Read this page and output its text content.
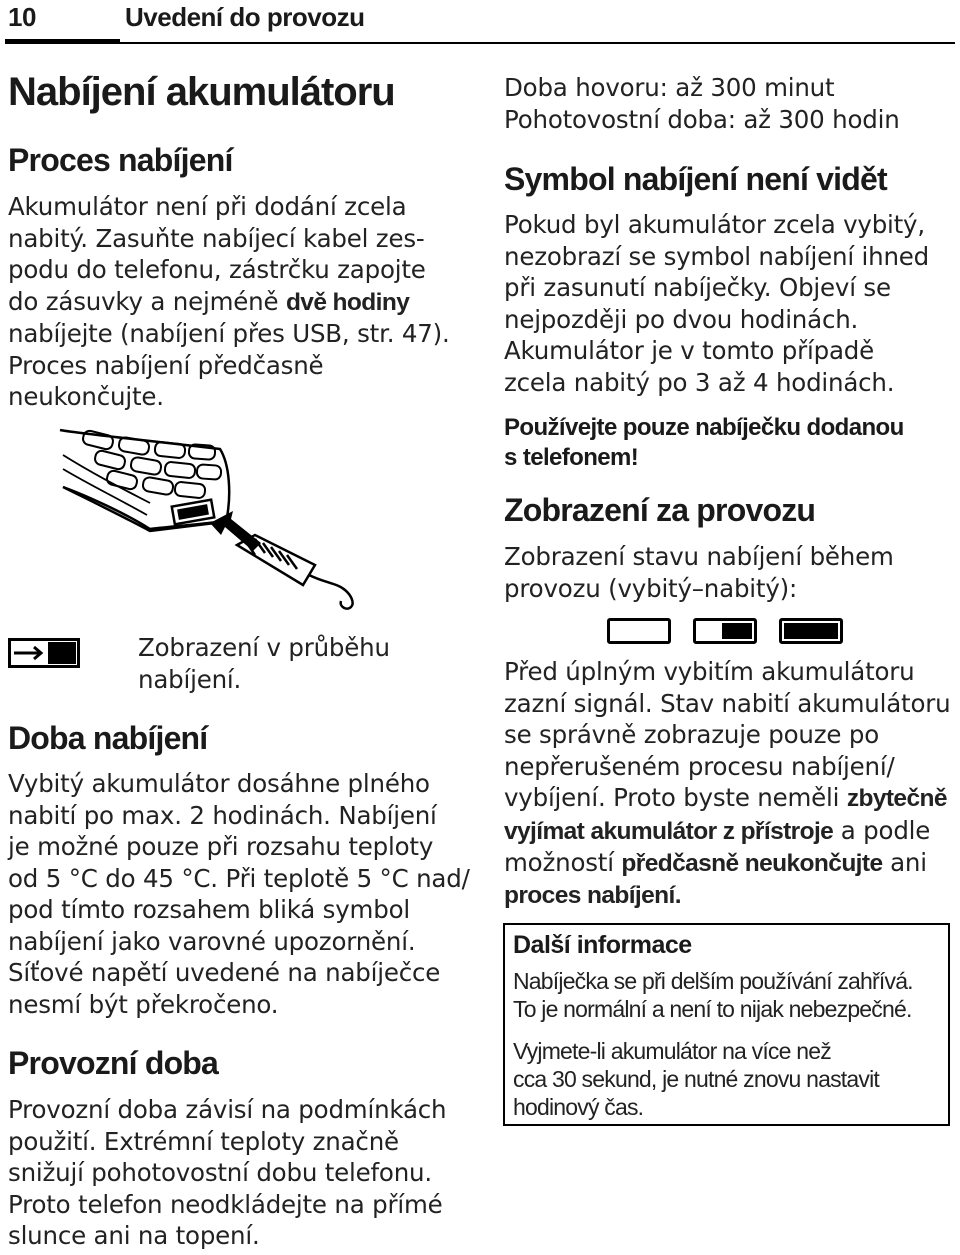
10	Uvedení do provozu
Nabíjení akumulátoru
Proces nabíjení

Akumulátor není při dodání zcela

nabitý. Zasuňte nabíjecí kabel zes-

podu do telefonu, zástrčku zapojte

do zásuvky a nejméně dvě hodiny

nabíjejte (nabíjení přes USB, str. 47).

Proces nabíjení předčasně

neukončujte.

Zobrazení v průběhu

nabíjení.

Doba nabíjení

Vybitý akumulátor dosáhne plného

nabití po max. 2 hodinách. Nabíjení

je možné pouze při rozsahu teploty

od 5 °C do 45 °C. Při teplotě 5 °C nad/

pod tímto rozsahem bliká symbol

nabíjení jako varovné upozornění.

Síťové napětí uvedené na nabíječce

nesmí být překročeno.

Provozní doba

Provozní doba závisí na podmínkách

použití. Extrémní teploty značně

snižují pohotovostní dobu telefonu.

Proto telefon neodkládejte na přímé

slunce ani na topení.

Doba hovoru: až 300 minut

Pohotovostní doba: až 300 hodin

Symbol nabíjení není vidět

Pokud byl akumulátor zcela vybitý,

nezobrazí se symbol nabíjení ihned

při zasunutí nabíječky. Objeví se

nejpozději po dvou hodinách.

Akumulátor je v tomto případě

zcela nabitý po 3 až 4 hodinách.

Používejte pouze nabíječku dodanou

s telefonem!

Zobrazení za provozu

Zobrazení stavu nabíjení během

provozu (vybitý–nabitý):

Před úplným vybitím akumulátoru

zazní signál. Stav nabití akumulátoru

se správně zobrazuje pouze po

nepřerušeném procesu nabíjení/

vybíjení. Proto byste neměli zbytečně

vyjímat akumulátor z přístroje a podle

možností předčasně neukončujte ani

proces nabíjení.

Další informace

Nabíječka se při delším používání zahřívá.

To je normální a není to nijak nebezpečné.

Vyjmete-li akumulátor na více než

cca 30 sekund, je nutné znovu nastavit

hodinový čas.
